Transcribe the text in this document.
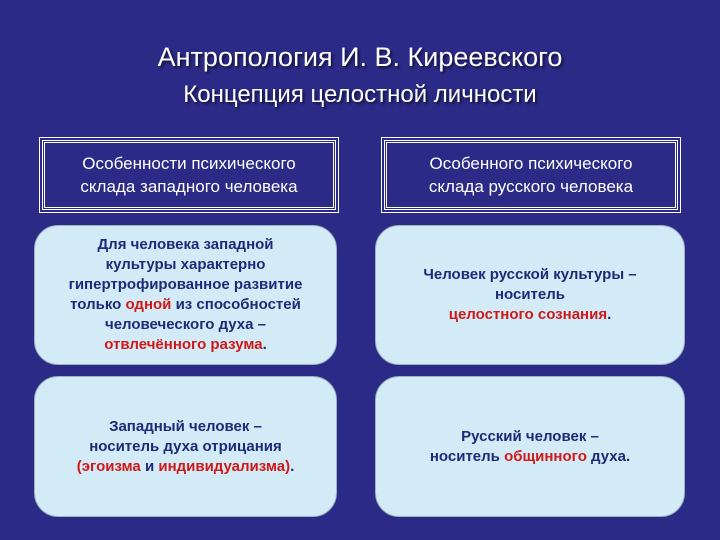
Антропология И. В. Киреевского
Концепция целостной личности
Особенности психического
склада западного человека
Особенного психического
склада русского человека
Для человека западной
культуры характерно
гипертрофированное развитие
только одной из способностей
человеческого духа –
отвлечённого разума.
Человек русской культуры –
носитель
целостного сознания.
Западный человек –
носитель духа отрицания
(эгоизма и индивидуализма).
Русский человек –
носитель общинного духа.
